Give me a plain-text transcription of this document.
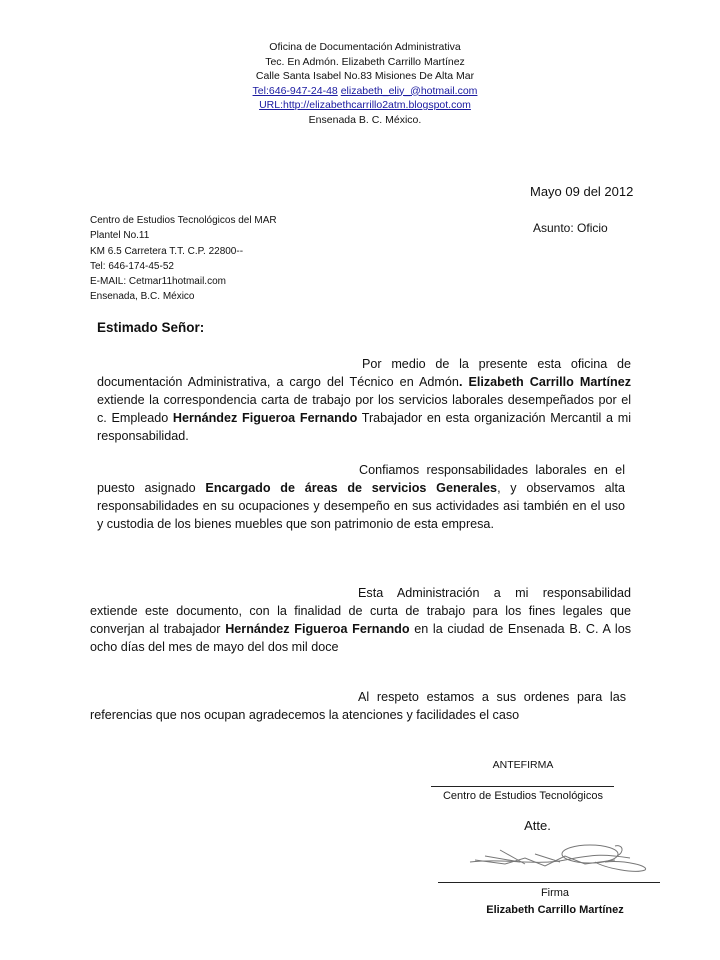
Oficina de Documentación Administrativa
Tec. En Admón. Elizabeth Carrillo Martínez
Calle Santa Isabel No.83 Misiones De Alta Mar
Tel:646-947-24-48 elizabeth_eliy_@hotmail.com
URL:http://elizabethcarrillo2atm.blogspot.com
Ensenada B. C. México.
Mayo 09 del 2012
Asunto: Oficio
Centro de Estudios Tecnológicos del MAR
Plantel No.11
KM 6.5 Carretera T.T. C.P. 22800--
Tel: 646-174-45-52
E-MAIL: Cetmar11hotmail.com
Ensenada, B.C. México
Estimado Señor:
Por medio de la presente esta oficina de documentación Administrativa, a cargo del Técnico en Admón. Elizabeth Carrillo Martínez extiende la correspondencia carta de trabajo por los servicios laborales desempeñados por el c. Empleado Hernández Figueroa Fernando Trabajador en esta organización Mercantil a mi responsabilidad.
Confiamos responsabilidades laborales en el puesto asignado Encargado de áreas de servicios Generales, y observamos alta responsabilidades en su ocupaciones y desempeño en sus actividades asi también en el uso y custodia de los bienes muebles que son patrimonio de esta empresa.
Esta Administración a mi responsabilidad extiende este documento, con la finalidad de curta de trabajo para los fines legales que converjan al trabajador Hernández Figueroa Fernando en la ciudad de Ensenada B. C. A los ocho días del mes de mayo del dos mil doce
Al respeto estamos a sus ordenes para las referencias que nos ocupan agradecemos la atenciones y facilidades el caso
ANTEFIRMA
Centro de Estudios Tecnológicos
Atte.
Firma
Elizabeth Carrillo Martínez
